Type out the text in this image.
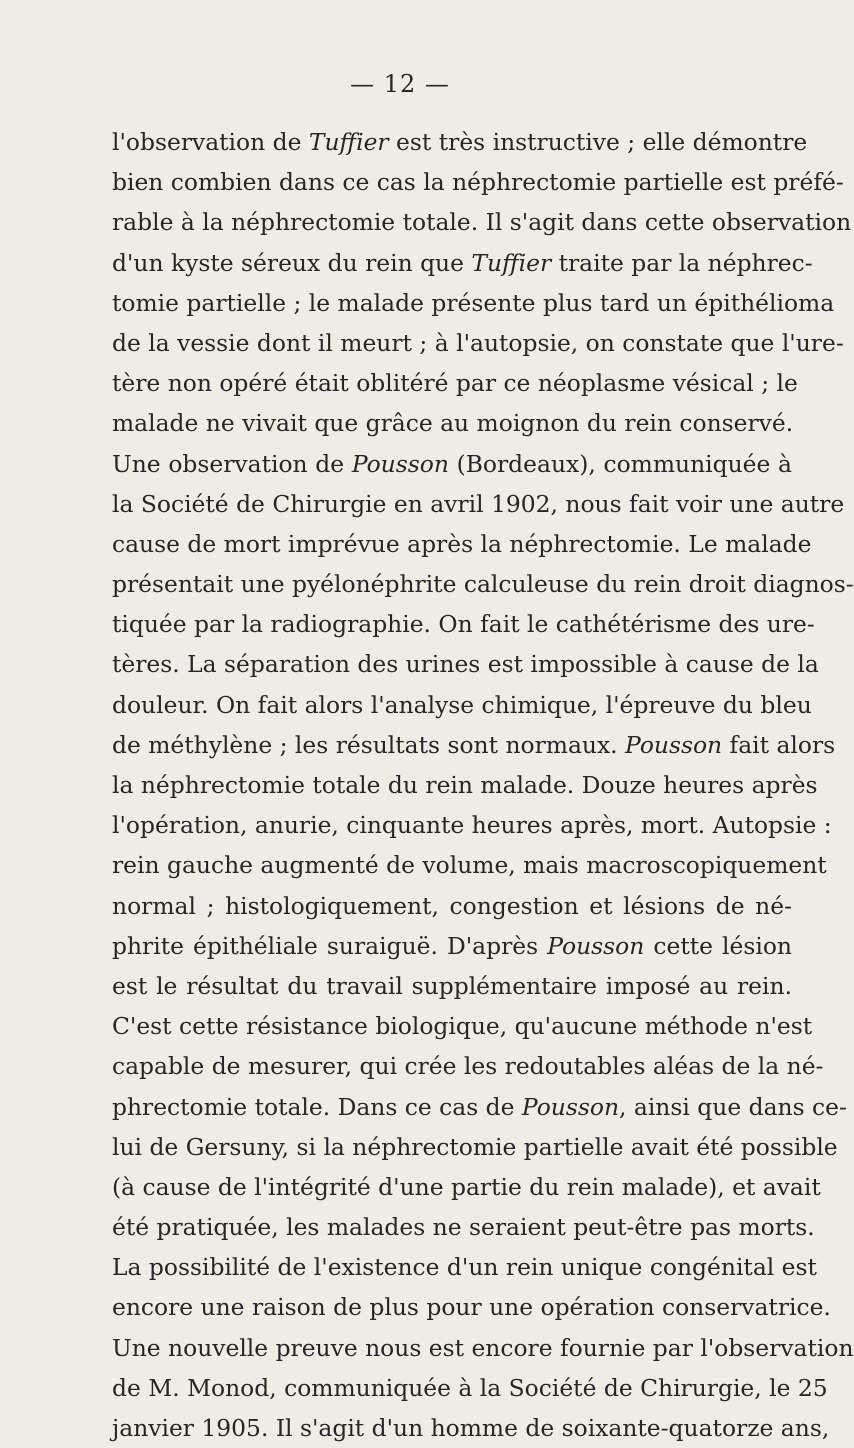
— 12 —
l'observation de Tuffier est très instructive ; elle démontre
bien combien dans ce cas la néphrectomie partielle est préfé-
rable à la néphrectomie totale. Il s'agit dans cette observation
d'un kyste séreux du rein que Tuffier traite par la néphrec-
tomie partielle ; le malade présente plus tard un épithélioma
de la vessie dont il meurt ; à l'autopsie, on constate que l'ure-
tère non opéré était oblitéré par ce néoplasme vésical ; le
malade ne vivait que grâce au moignon du rein conservé.
Une observation de Pousson (Bordeaux), communiquée à
la Société de Chirurgie en avril 1902, nous fait voir une autre
cause de mort imprévue après la néphrectomie. Le malade
présentait une pyélonéphrite calculeuse du rein droit diagnos-
tiquée par la radiographie. On fait le cathétérisme des ure-
tères. La séparation des urines est impossible à cause de la
douleur. On fait alors l'analyse chimique, l'épreuve du bleu
de méthylène ; les résultats sont normaux. Pousson fait alors
la néphrectomie totale du rein malade. Douze heures après
l'opération, anurie, cinquante heures après, mort. Autopsie :
rein gauche augmenté de volume, mais macroscopiquement
normal ; histologiquement, congestion et lésions de né-
phrite épithéliale suraiguë. D'après Pousson cette lésion
est le résultat du travail supplémentaire imposé au rein.
C'est cette résistance biologique, qu'aucune méthode n'est
capable de mesurer, qui crée les redoutables aléas de la né-
phrectomie totale. Dans ce cas de Pousson, ainsi que dans ce-
lui de Gersuny, si la néphrectomie partielle avait été possible
(à cause de l'intégrité d'une partie du rein malade), et avait
été pratiquée, les malades ne seraient peut-être pas morts.
La possibilité de l'existence d'un rein unique congénital est
encore une raison de plus pour une opération conservatrice.
Une nouvelle preuve nous est encore fournie par l'observation
de M. Monod, communiquée à la Société de Chirurgie, le 25
janvier 1905. Il s'agit d'un homme de soixante-quatorze ans,
